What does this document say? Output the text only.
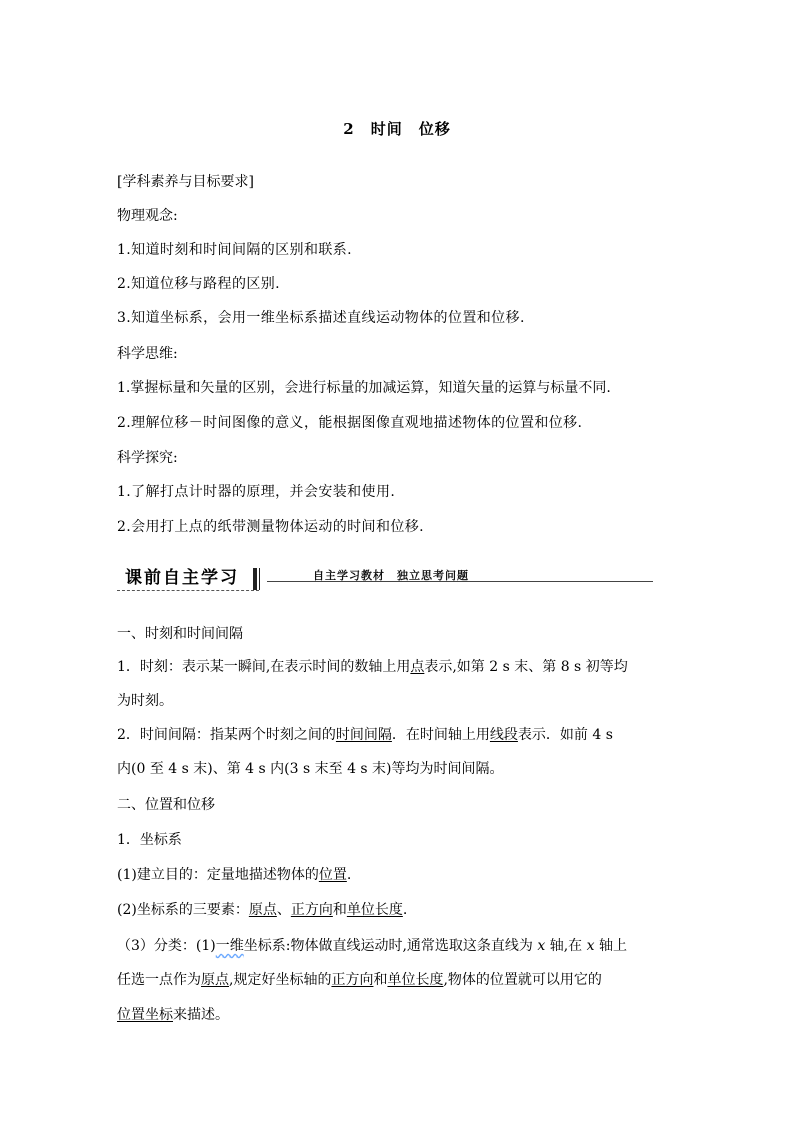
2 时间　位移
[学科素养与目标要求]
物理观念:
1.知道时刻和时间间隔的区别和联系.
2.知道位移与路程的区别.
3.知道坐标系，会用一维坐标系描述直线运动物体的位置和位移.
科学思维:
1.掌握标量和矢量的区别，会进行标量的加减运算，知道矢量的运算与标量不同.
2.理解位移－时间图像的意义，能根据图像直观地描述物体的位置和位移.
科学探究:
1.了解打点计时器的原理，并会安装和使用.
2.会用打上点的纸带测量物体运动的时间和位移.
课前自主学习	自主学习教材　独立思考问题
一、时刻和时间间隔
1．时刻：表示某一瞬间,在表示时间的数轴上用点表示,如第 2 s 末、第 8 s 初等均
为时刻。
2．时间间隔：指某两个时刻之间的时间间隔．在时间轴上用线段表示．如前 4 s
内(0 至 4 s 末)、第 4 s 内(3 s 末至 4 s 末)等均为时间间隔。
二、位置和位移
1．坐标系
(1)建立目的：定量地描述物体的位置.
(2)坐标系的三要素：原点、正方向和单位长度.
（3）分类：(1)一维坐标系:物体做直线运动时,通常选取这条直线为 x 轴,在 x 轴上
任选一点作为原点,规定好坐标轴的正方向和单位长度,物体的位置就可以用它的
位置坐标来描述。
